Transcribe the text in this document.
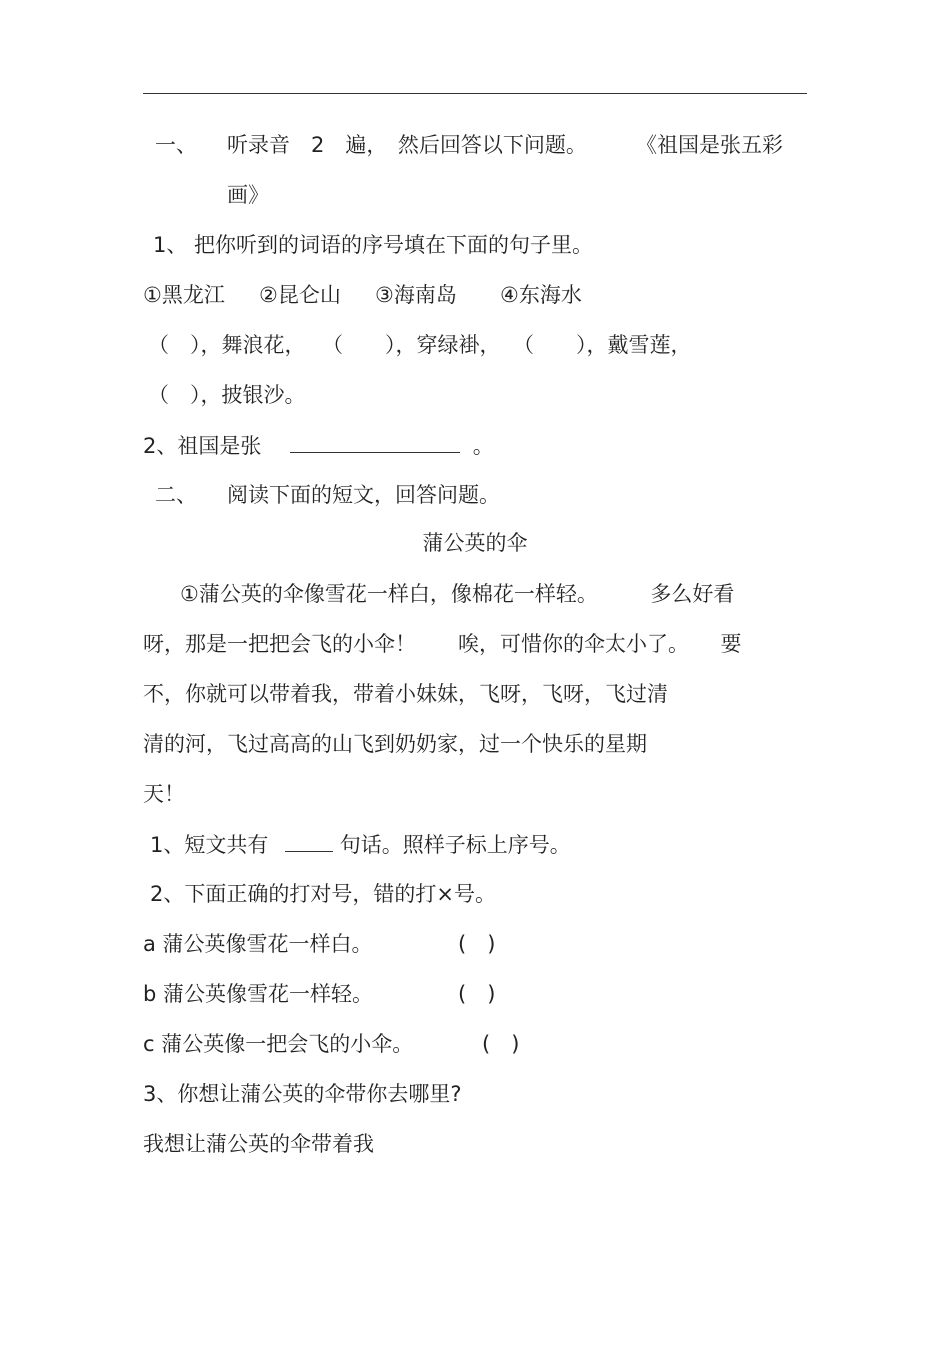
一、 听录音　2　遍，　然后回答以下问题。 《祖国是张五彩
画》
1、 把你听到的词语的序号填在下面的句子里。
①黑龙江 ②昆仑山 ③海南岛 ④东海水
（　），舞浪花， （　　），穿绿褂， （　　），戴雪莲，
（　），披银沙。
2、祖国是张	。
二、 阅读下面的短文，回答问题。
蒲公英的伞
①蒲公英的伞像雪花一样白，像棉花一样轻。　　　多么好看
呀，那是一把把会飞的小伞！　　唉，可惜你的伞太小了。　　要
不，你就可以带着我，带着小妹妹，飞呀，飞呀，飞过清
清的河，飞过高高的山飞到奶奶家，过一个快乐的星期
天！
1、短文共有	句话。照样子标上序号。
2、下面正确的打对号，错的打×号。
a 蒲公英像雪花一样白。	(　)
b 蒲公英像雪花一样轻。	(　)
c 蒲公英像一把会飞的小伞。	(　)
3、你想让蒲公英的伞带你去哪里?
我想让蒲公英的伞带着我
